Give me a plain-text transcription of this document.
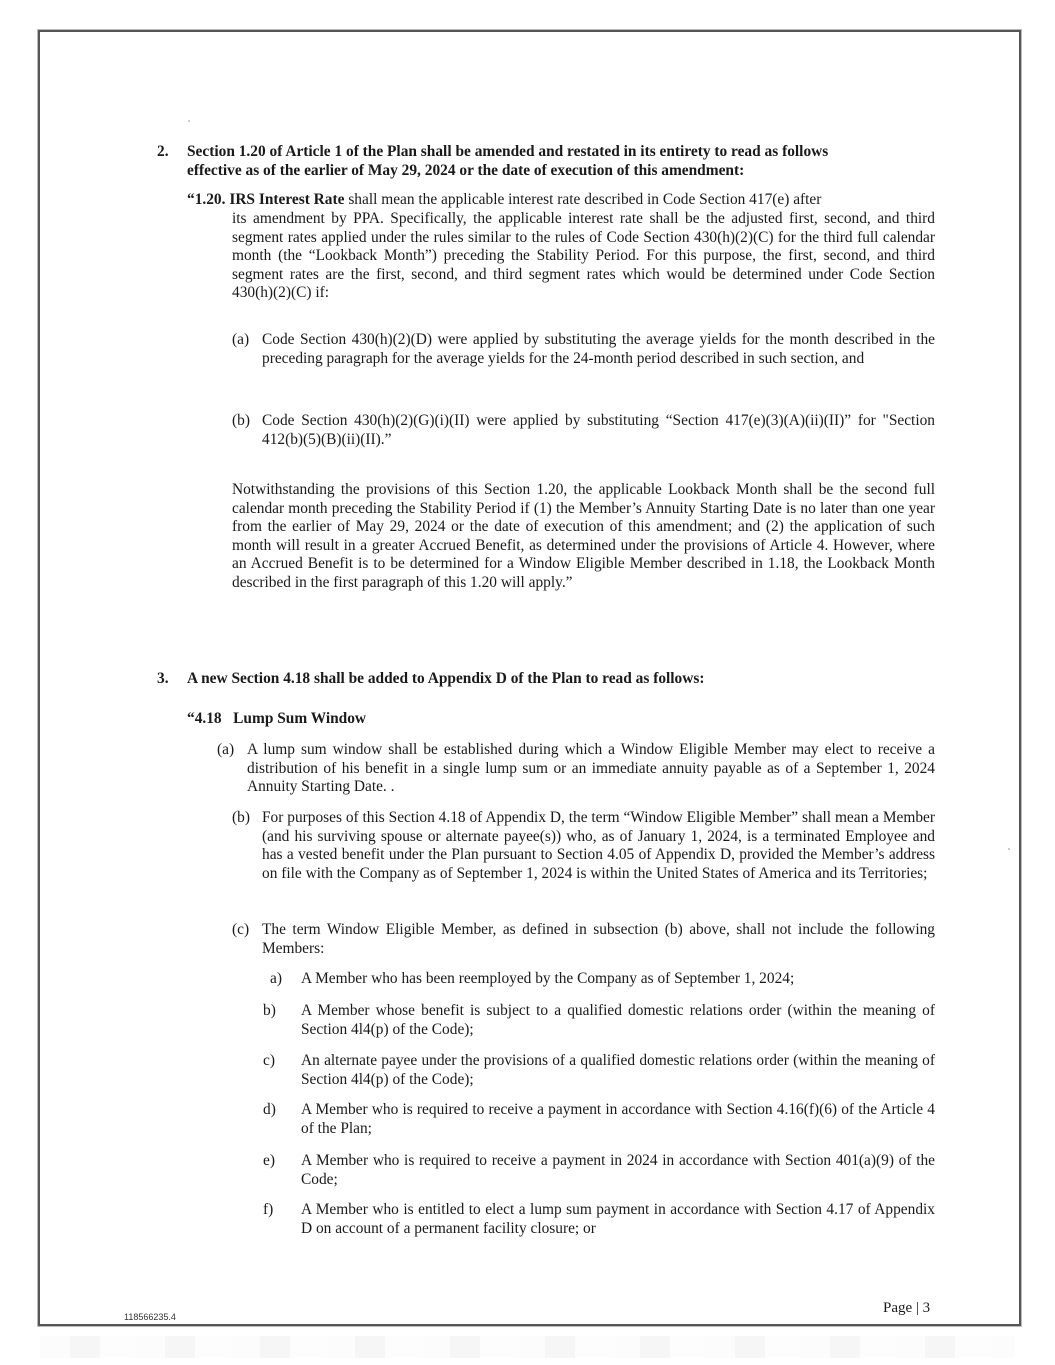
2. Section 1.20 of Article 1 of the Plan shall be amended and restated in its entirety to read as follows
effective as of the earlier of May 29, 2024 or the date of execution of this amendment:
“1.20. IRS Interest Rate shall mean the applicable interest rate described in Code Section 417(e) after
its amendment by PPA. Specifically, the applicable interest rate shall be the adjusted first, second, and third segment rates applied under the rules similar to the rules of Code Section 430(h)(2)(C) for the third full calendar month (the “Lookback Month”) preceding the Stability Period. For this purpose, the first, second, and third segment rates are the first, second, and third segment rates which would be determined under Code Section 430(h)(2)(C) if:
(a) Code Section 430(h)(2)(D) were applied by substituting the average yields for the month described in the preceding paragraph for the average yields for the 24-month period described in such section, and
(b) Code Section 430(h)(2)(G)(i)(II) were applied by substituting “Section 417(e)(3)(A)(ii)(II)” for "Section 412(b)(5)(B)(ii)(II).”
Notwithstanding the provisions of this Section 1.20, the applicable Lookback Month shall be the second full calendar month preceding the Stability Period if (1) the Member’s Annuity Starting Date is no later than one year from the earlier of May 29, 2024 or the date of execution of this amendment; and (2) the application of such month will result in a greater Accrued Benefit, as determined under the provisions of Article 4. However, where an Accrued Benefit is to be determined for a Window Eligible Member described in 1.18, the Lookback Month described in the first paragraph of this 1.20 will apply.”
3. A new Section 4.18 shall be added to Appendix D of the Plan to read as follows:
“4.18   Lump Sum Window
(a) A lump sum window shall be established during which a Window Eligible Member may elect to receive a distribution of his benefit in a single lump sum or an immediate annuity payable as of a September 1, 2024 Annuity Starting Date. .
(b) For purposes of this Section 4.18 of Appendix D, the term “Window Eligible Member” shall mean a Member (and his surviving spouse or alternate payee(s)) who, as of January 1, 2024, is a terminated Employee and has a vested benefit under the Plan pursuant to Section 4.05 of Appendix D, provided the Member’s address on file with the Company as of September 1, 2024 is within the United States of America and its Territories;
(c) The term Window Eligible Member, as defined in subsection (b) above, shall not include the following Members:
a) A Member who has been reemployed by the Company as of September 1, 2024;
b) A Member whose benefit is subject to a qualified domestic relations order (within the meaning of Section 4l4(p) of the Code);
c) An alternate payee under the provisions of a qualified domestic relations order (within the meaning of Section 4l4(p) of the Code);
d) A Member who is required to receive a payment in accordance with Section 4.16(f)(6) of the Article 4 of the Plan;
e) A Member who is required to receive a payment in 2024 in accordance with Section 401(a)(9) of the Code;
f) A Member who is entitled to elect a lump sum payment in accordance with Section 4.17 of Appendix D on account of a permanent facility closure; or
Page | 3
118566235.4
